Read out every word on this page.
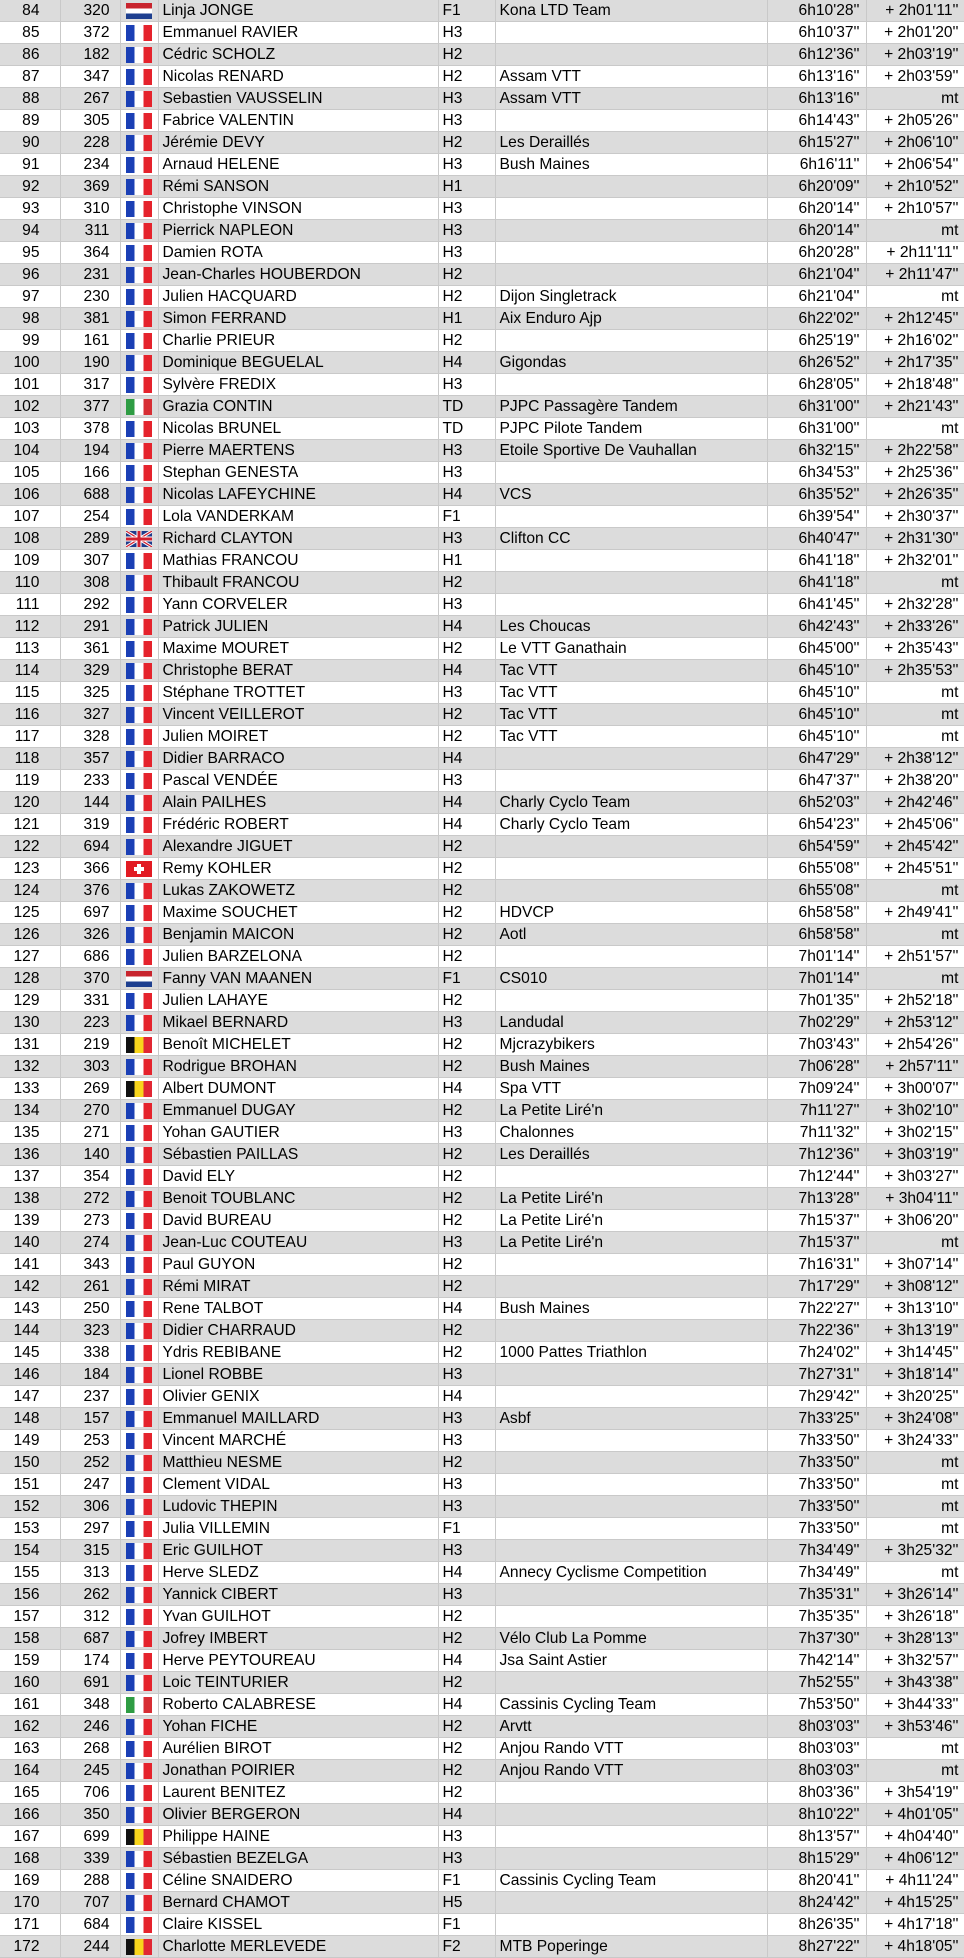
84	320		Linja JONGE	F1	Kona LTD Team	6h10'28''	+ 2h01'11''
85	372		Emmanuel RAVIER	H3		6h10'37''	+ 2h01'20''
86	182		Cédric SCHOLZ	H2		6h12'36''	+ 2h03'19''
87	347		Nicolas RENARD	H2	Assam VTT	6h13'16''	+ 2h03'59''
88	267		Sebastien VAUSSELIN	H3	Assam VTT	6h13'16''	mt
89	305		Fabrice VALENTIN	H3		6h14'43''	+ 2h05'26''
90	228		Jérémie DEVY	H2	Les Deraillés	6h15'27''	+ 2h06'10''
91	234		Arnaud HELENE	H3	Bush Maines	6h16'11''	+ 2h06'54''
92	369		Rémi SANSON	H1		6h20'09''	+ 2h10'52''
93	310		Christophe VINSON	H3		6h20'14''	+ 2h10'57''
94	311		Pierrick NAPLEON	H3		6h20'14''	mt
95	364		Damien ROTA	H3		6h20'28''	+ 2h11'11''
96	231		Jean-Charles HOUBERDON	H2		6h21'04''	+ 2h11'47''
97	230		Julien HACQUARD	H2	Dijon Singletrack	6h21'04''	mt
98	381		Simon FERRAND	H1	Aix Enduro Ajp	6h22'02''	+ 2h12'45''
99	161		Charlie PRIEUR	H2		6h25'19''	+ 2h16'02''
100	190		Dominique BEGUELAL	H4	Gigondas	6h26'52''	+ 2h17'35''
101	317		Sylvère FREDIX	H3		6h28'05''	+ 2h18'48''
102	377		Grazia CONTIN	TD	PJPC Passagère Tandem	6h31'00''	+ 2h21'43''
103	378		Nicolas BRUNEL	TD	PJPC Pilote Tandem	6h31'00''	mt
104	194		Pierre MAERTENS	H3	Etoile Sportive De Vauhallan	6h32'15''	+ 2h22'58''
105	166		Stephan GENESTA	H3		6h34'53''	+ 2h25'36''
106	688		Nicolas LAFEYCHINE	H4	VCS	6h35'52''	+ 2h26'35''
107	254		Lola VANDERKAM	F1		6h39'54''	+ 2h30'37''
108	289		Richard CLAYTON	H3	Clifton CC	6h40'47''	+ 2h31'30''
109	307		Mathias FRANCOU	H1		6h41'18''	+ 2h32'01''
110	308		Thibault FRANCOU	H2		6h41'18''	mt
111	292		Yann CORVELER	H3		6h41'45''	+ 2h32'28''
112	291		Patrick JULIEN	H4	Les Choucas	6h42'43''	+ 2h33'26''
113	361		Maxime MOURET	H2	Le VTT Ganathain	6h45'00''	+ 2h35'43''
114	329		Christophe BERAT	H4	Tac VTT	6h45'10''	+ 2h35'53''
115	325		Stéphane TROTTET	H3	Tac VTT	6h45'10''	mt
116	327		Vincent VEILLEROT	H2	Tac VTT	6h45'10''	mt
117	328		Julien MOIRET	H2	Tac VTT	6h45'10''	mt
118	357		Didier BARRACO	H4		6h47'29''	+ 2h38'12''
119	233		Pascal VENDÉE	H3		6h47'37''	+ 2h38'20''
120	144		Alain PAILHES	H4	Charly Cyclo Team	6h52'03''	+ 2h42'46''
121	319		Frédéric ROBERT	H4	Charly Cyclo Team	6h54'23''	+ 2h45'06''
122	694		Alexandre JIGUET	H2		6h54'59''	+ 2h45'42''
123	366		Remy KOHLER	H2		6h55'08''	+ 2h45'51''
124	376		Lukas ZAKOWETZ	H2		6h55'08''	mt
125	697		Maxime SOUCHET	H2	HDVCP	6h58'58''	+ 2h49'41''
126	326		Benjamin MAICON	H2	Aotl	6h58'58''	mt
127	686		Julien BARZELONA	H2		7h01'14''	+ 2h51'57''
128	370		Fanny VAN MAANEN	F1	CS010	7h01'14''	mt
129	331		Julien LAHAYE	H2		7h01'35''	+ 2h52'18''
130	223		Mikael BERNARD	H3	Landudal	7h02'29''	+ 2h53'12''
131	219		Benoît MICHELET	H2	Mjcrazybikers	7h03'43''	+ 2h54'26''
132	303		Rodrigue BROHAN	H2	Bush Maines	7h06'28''	+ 2h57'11''
133	269		Albert DUMONT	H4	Spa VTT	7h09'24''	+ 3h00'07''
134	270		Emmanuel DUGAY	H2	La Petite Liré'n	7h11'27''	+ 3h02'10''
135	271		Yohan GAUTIER	H3	Chalonnes	7h11'32''	+ 3h02'15''
136	140		Sébastien PAILLAS	H2	Les Deraillés	7h12'36''	+ 3h03'19''
137	354		David ELY	H2		7h12'44''	+ 3h03'27''
138	272		Benoit TOUBLANC	H2	La Petite Liré'n	7h13'28''	+ 3h04'11''
139	273		David BUREAU	H2	La Petite Liré'n	7h15'37''	+ 3h06'20''
140	274		Jean-Luc COUTEAU	H3	La Petite Liré'n	7h15'37''	mt
141	343		Paul GUYON	H2		7h16'31''	+ 3h07'14''
142	261		Rémi MIRAT	H2		7h17'29''	+ 3h08'12''
143	250		Rene TALBOT	H4	Bush Maines	7h22'27''	+ 3h13'10''
144	323		Didier CHARRAUD	H2		7h22'36''	+ 3h13'19''
145	338		Ydris REBIBANE	H2	1000 Pattes Triathlon	7h24'02''	+ 3h14'45''
146	184		Lionel ROBBE	H3		7h27'31''	+ 3h18'14''
147	237		Olivier GENIX	H4		7h29'42''	+ 3h20'25''
148	157		Emmanuel MAILLARD	H3	Asbf	7h33'25''	+ 3h24'08''
149	253		Vincent MARCHÉ	H3		7h33'50''	+ 3h24'33''
150	252		Matthieu NESME	H2		7h33'50''	mt
151	247		Clement VIDAL	H3		7h33'50''	mt
152	306		Ludovic THEPIN	H3		7h33'50''	mt
153	297		Julia VILLEMIN	F1		7h33'50''	mt
154	315		Eric GUILHOT	H3		7h34'49''	+ 3h25'32''
155	313		Herve SLEDZ	H4	Annecy Cyclisme Competition	7h34'49''	mt
156	262		Yannick CIBERT	H3		7h35'31''	+ 3h26'14''
157	312		Yvan GUILHOT	H2		7h35'35''	+ 3h26'18''
158	687		Jofrey IMBERT	H2	Vélo Club La Pomme	7h37'30''	+ 3h28'13''
159	174		Herve PEYTOUREAU	H4	Jsa Saint Astier	7h42'14''	+ 3h32'57''
160	691		Loic TEINTURIER	H2		7h52'55''	+ 3h43'38''
161	348		Roberto CALABRESE	H4	Cassinis Cycling Team	7h53'50''	+ 3h44'33''
162	246		Yohan FICHE	H2	Arvtt	8h03'03''	+ 3h53'46''
163	268		Aurélien BIROT	H2	Anjou Rando VTT	8h03'03''	mt
164	245		Jonathan POIRIER	H2	Anjou Rando VTT	8h03'03''	mt
165	706		Laurent BENITEZ	H2		8h03'36''	+ 3h54'19''
166	350		Olivier BERGERON	H4		8h10'22''	+ 4h01'05''
167	699		Philippe HAINE	H3		8h13'57''	+ 4h04'40''
168	339		Sébastien BEZELGA	H3		8h15'29''	+ 4h06'12''
169	288		Céline SNAIDERO	F1	Cassinis Cycling Team	8h20'41''	+ 4h11'24''
170	707		Bernard CHAMOT	H5		8h24'42''	+ 4h15'25''
171	684		Claire KISSEL	F1		8h26'35''	+ 4h17'18''
172	244		Charlotte MERLEVEDE	F2	MTB Poperinge	8h27'22''	+ 4h18'05''
